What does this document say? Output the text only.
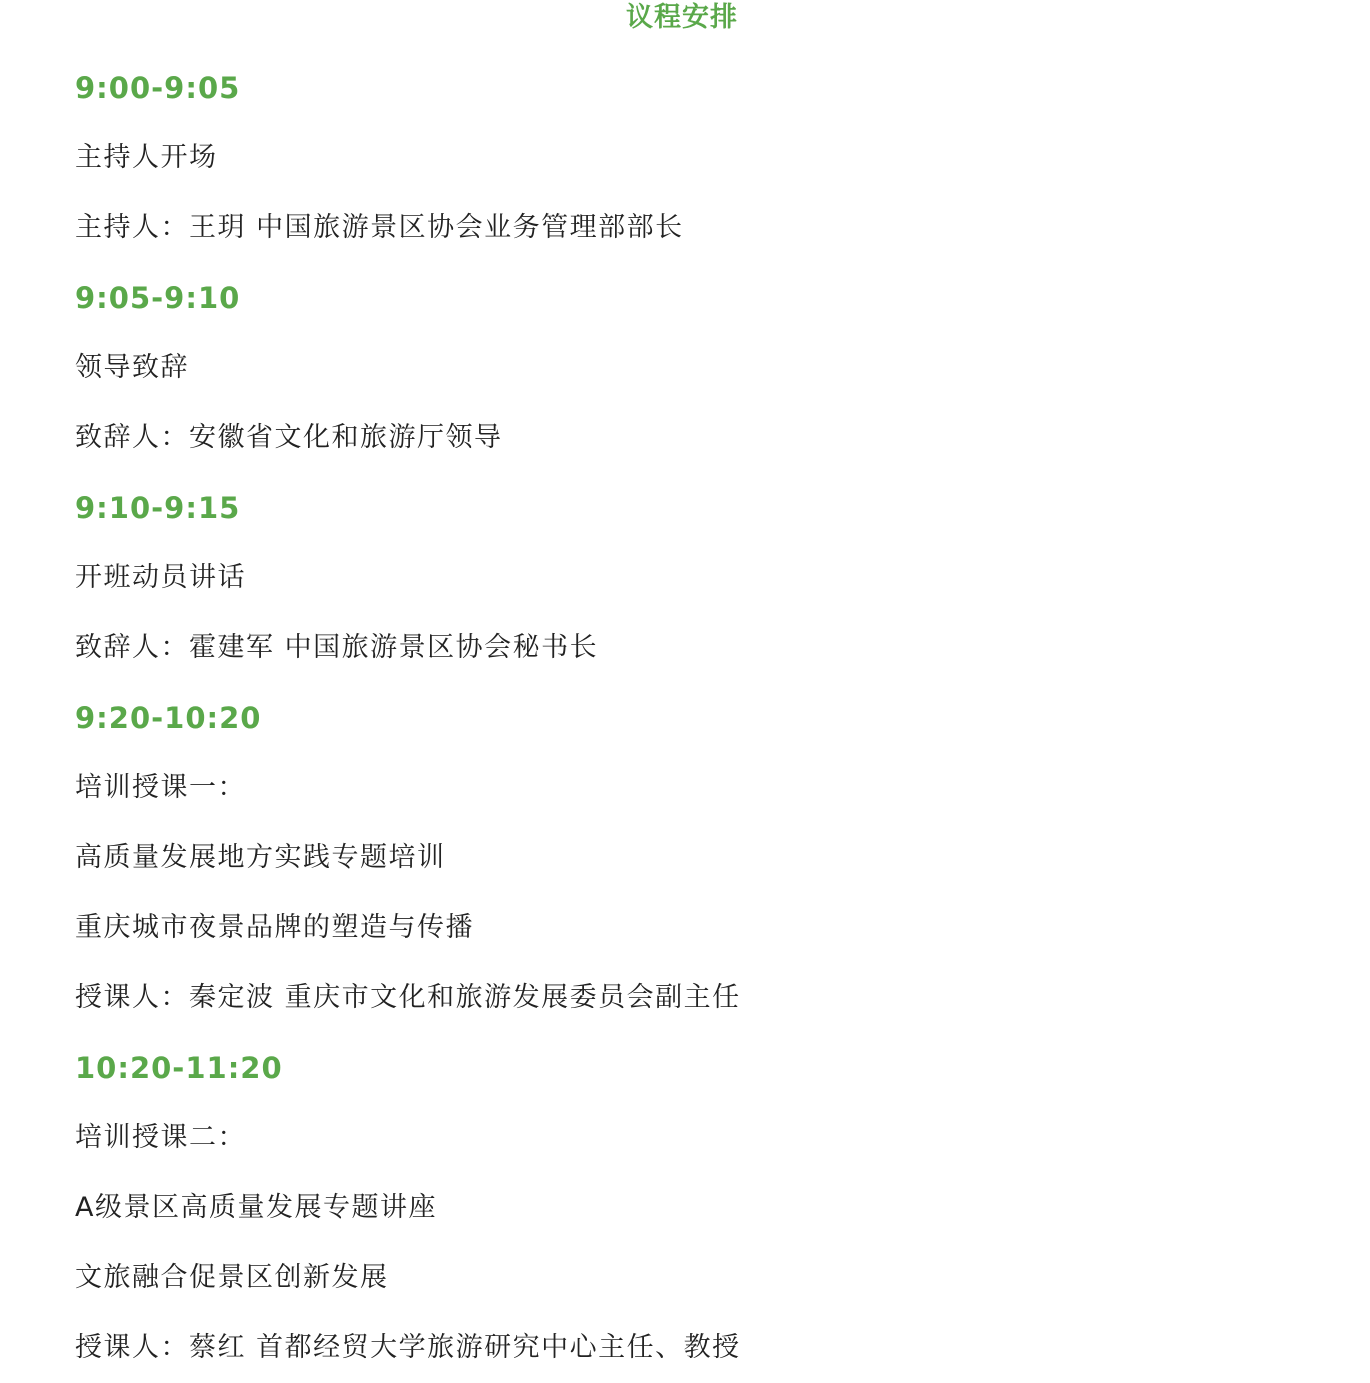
议程安排
9:00-9:05
主持人开场
主持人：王玥 中国旅游景区协会业务管理部部长
9:05-9:10
领导致辞
致辞人：安徽省文化和旅游厅领导
9:10-9:15
开班动员讲话
致辞人：霍建军 中国旅游景区协会秘书长
9:20-10:20
培训授课一：
高质量发展地方实践专题培训
重庆城市夜景品牌的塑造与传播
授课人：秦定波 重庆市文化和旅游发展委员会副主任
10:20-11:20
培训授课二：
A级景区高质量发展专题讲座
文旅融合促景区创新发展
授课人：蔡红 首都经贸大学旅游研究中心主任、教授
